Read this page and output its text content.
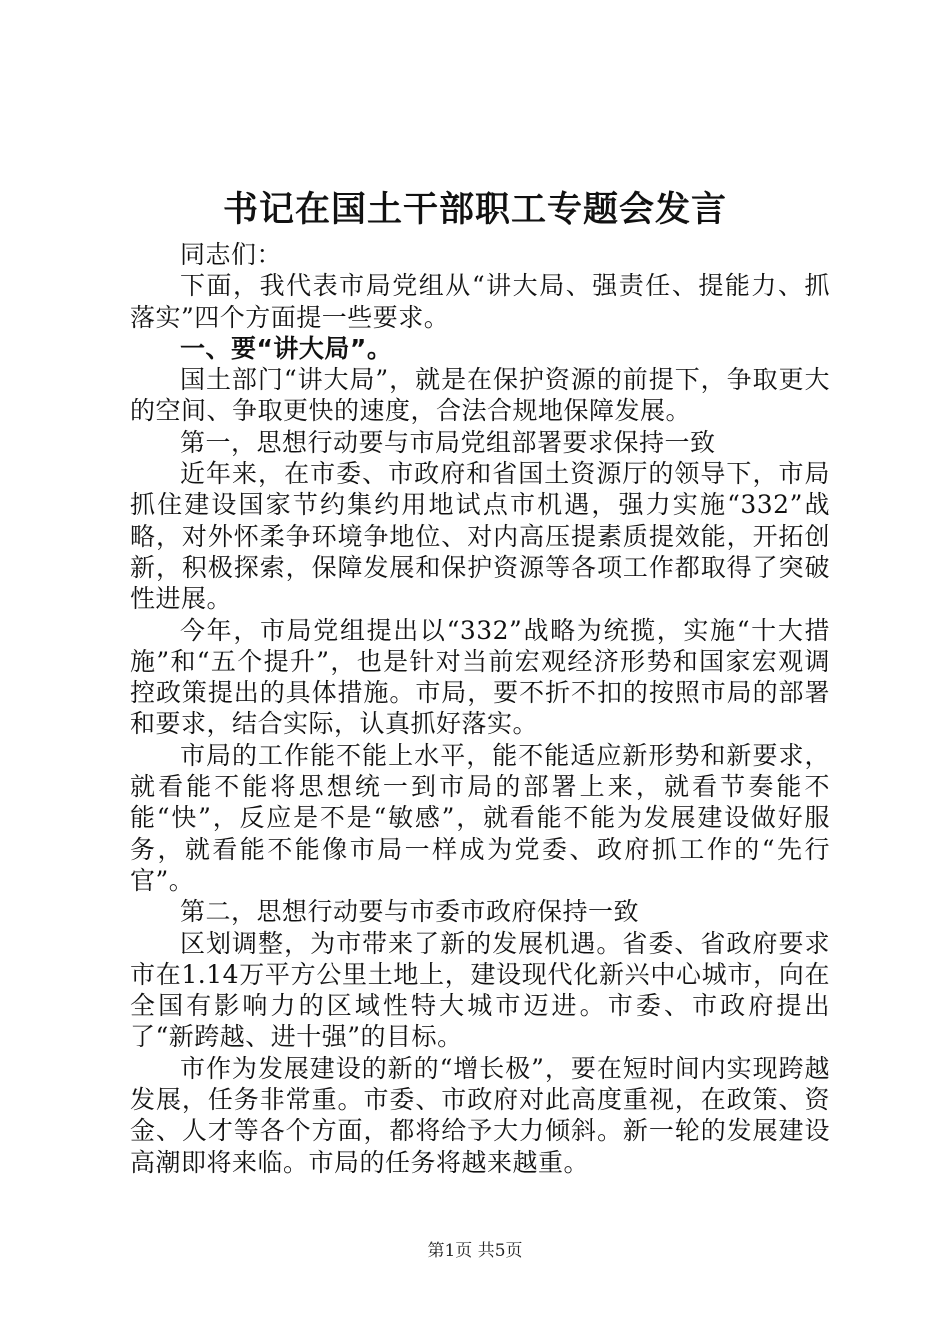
书记在国土干部职工专题会发言

同志们：

下面，我代表市局党组从“讲大局、强责任、提能力、抓落实”四个方面提一些要求。

一、要“讲大局”。

国土部门“讲大局”，就是在保护资源的前提下，争取更大的空间、争取更快的速度，合法合规地保障发展。

第一，思想行动要与市局党组部署要求保持一致

近年来，在市委、市政府和省国土资源厅的领导下，市局抓住建设国家节约集约用地试点市机遇，强力实施“332”战略，对外怀柔争环境争地位、对内高压提素质提效能，开拓创新，积极探索，保障发展和保护资源等各项工作都取得了突破性进展。

今年，市局党组提出以“332”战略为统揽，实施“十大措施”和“五个提升”，也是针对当前宏观经济形势和国家宏观调控政策提出的具体措施。市局，要不折不扣的按照市局的部署和要求，结合实际，认真抓好落实。

市局的工作能不能上水平，能不能适应新形势和新要求，就看能不能将思想统一到市局的部署上来，就看节奏能不能“快”，反应是不是“敏感”，就看能不能为发展建设做好服务，就看能不能像市局一样成为党委、政府抓工作的“先行官”。

第二，思想行动要与市委市政府保持一致

区划调整，为市带来了新的发展机遇。省委、省政府要求市在1.14万平方公里土地上，建设现代化新兴中心城市，向在全国有影响力的区域性特大城市迈进。市委、市政府提出了“新跨越、进十强”的目标。

市作为发展建设的新的“增长极”，要在短时间内实现跨越发展，任务非常重。市委、市政府对此高度重视，在政策、资金、人才等各个方面，都将给予大力倾斜。新一轮的发展建设高潮即将来临。市局的任务将越来越重。

第1页 共5页
